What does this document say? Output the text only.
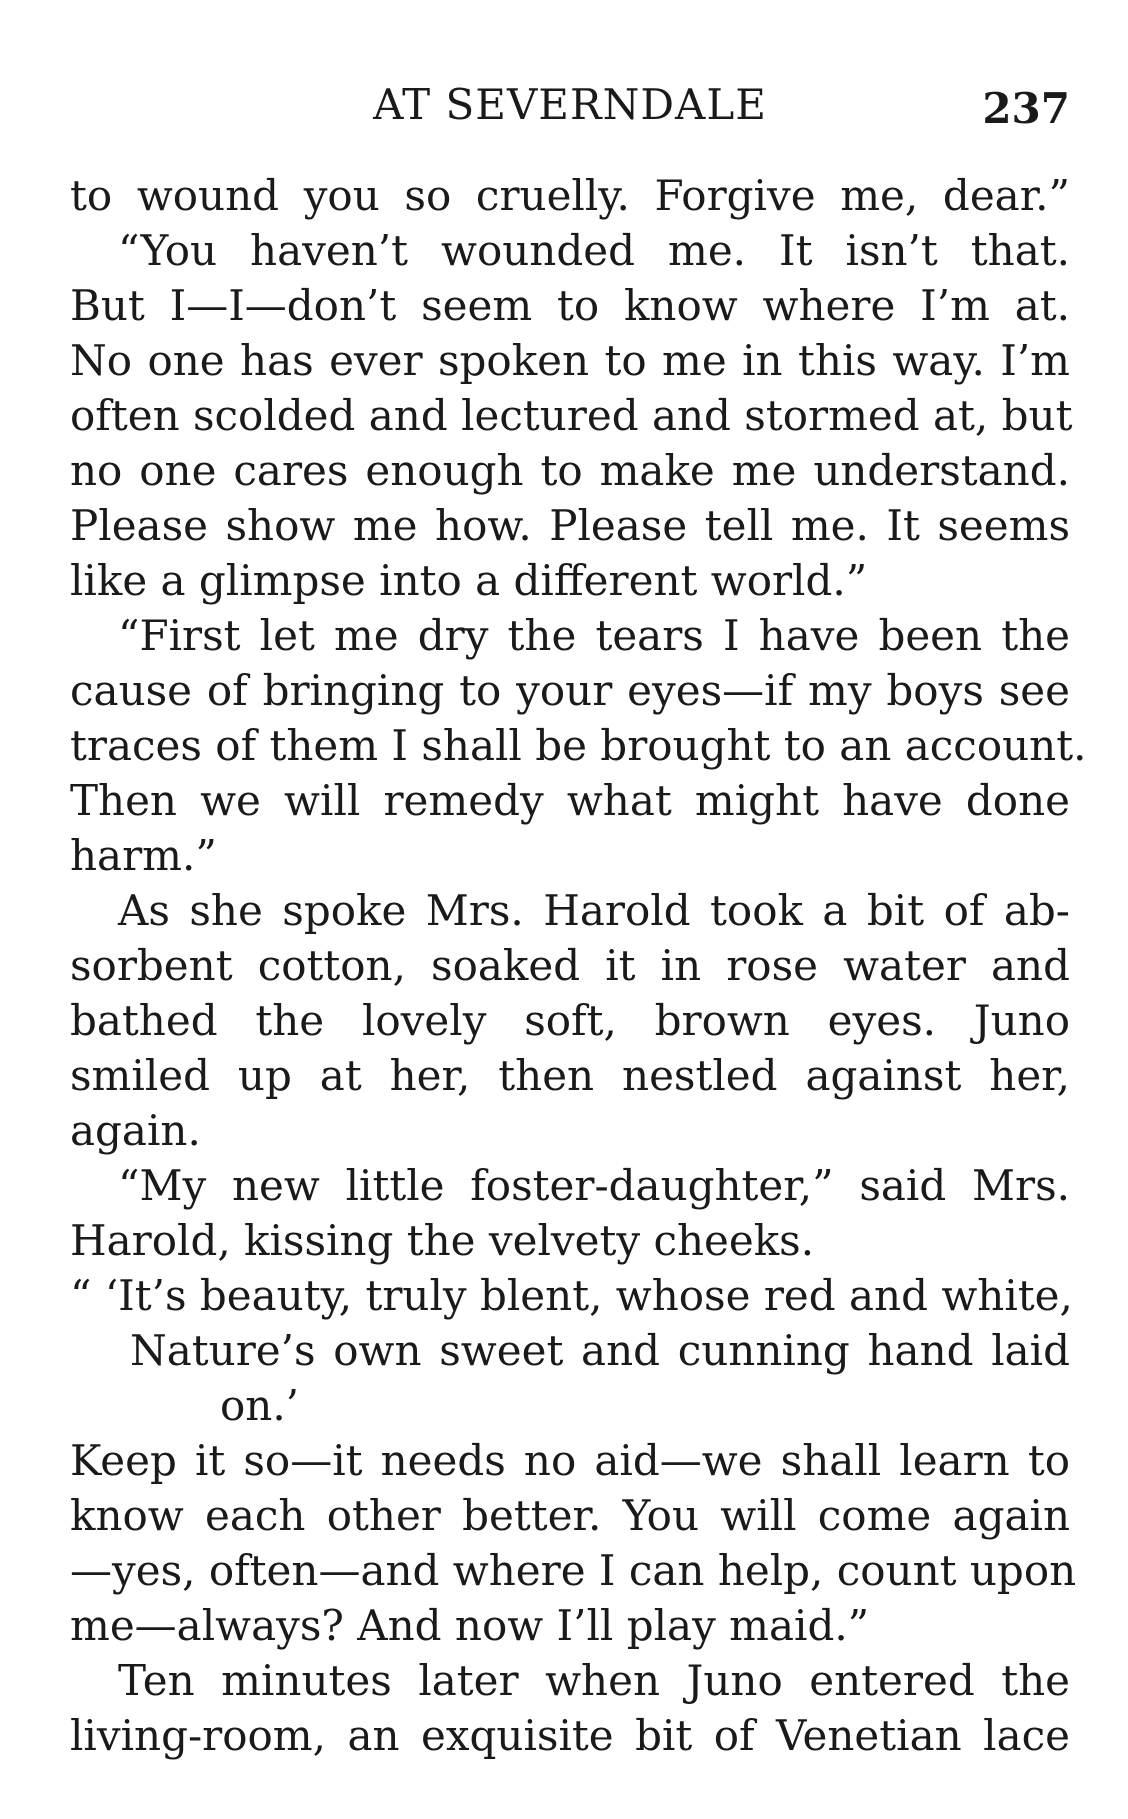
AT SEVERNDALE	237
to wound you so cruelly. Forgive me, dear.”
“You haven’t wounded me. It isn’t that.
But I—I—don’t seem to know where I’m at.
No one has ever spoken to me in this way. I’m
often scolded and lectured and stormed at, but
no one cares enough to make me understand.
Please show me how. Please tell me. It seems
like a glimpse into a different world.”
“First let me dry the tears I have been the
cause of bringing to your eyes—if my boys see
traces of them I shall be brought to an account.
Then we will remedy what might have done
harm.”
As she spoke Mrs. Harold took a bit of ab-
sorbent cotton, soaked it in rose water and
bathed the lovely soft, brown eyes. Juno
smiled up at her, then nestled against her,
again.
“My new little foster-daughter,” said Mrs.
Harold, kissing the velvety cheeks.
“ ‘It’s beauty, truly blent, whose red and white,
Nature’s own sweet and cunning hand laid
on.’
Keep it so—it needs no aid—we shall learn to
know each other better. You will come again
—yes, often—and where I can help, count upon
me—always? And now I’ll play maid.”
Ten minutes later when Juno entered the
living-room, an exquisite bit of Venetian lace
